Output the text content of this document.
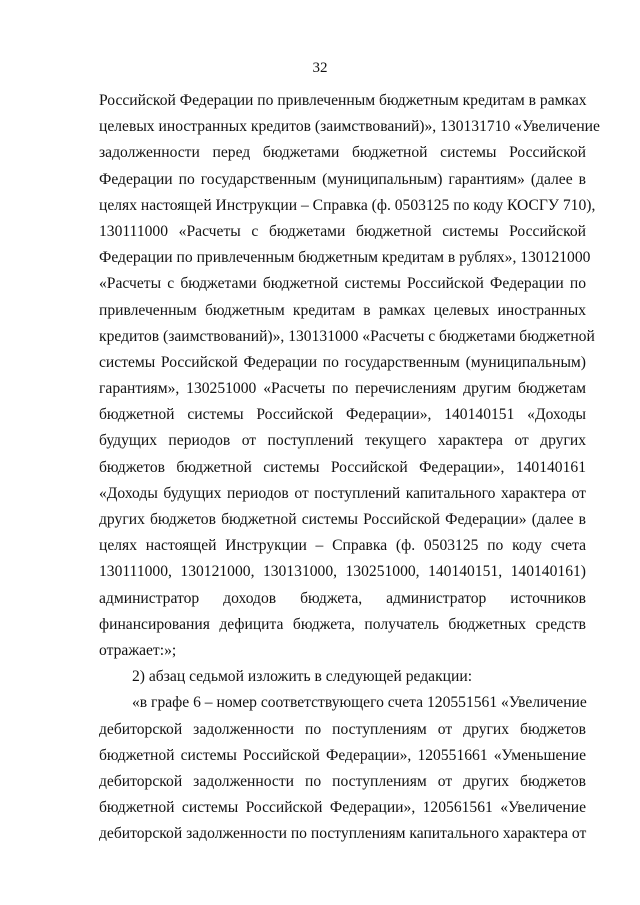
32
Российской Федерации по привлеченным бюджетным кредитам в рамках
целевых иностранных кредитов (заимствований)», 130131710 «Увеличение
задолженности перед бюджетами бюджетной системы Российской
Федерации по государственным (муниципальным) гарантиям» (далее в
целях настоящей Инструкции – Справка (ф. 0503125 по коду КОСГУ 710),
130111000 «Расчеты с бюджетами бюджетной системы Российской
Федерации по привлеченным бюджетным кредитам в рублях», 130121000
«Расчеты с бюджетами бюджетной системы Российской Федерации по
привлеченным бюджетным кредитам в рамках целевых иностранных
кредитов (заимствований)», 130131000 «Расчеты с бюджетами бюджетной
системы Российской Федерации по государственным (муниципальным)
гарантиям», 130251000 «Расчеты по перечислениям другим бюджетам
бюджетной системы Российской Федерации», 140140151 «Доходы
будущих периодов от поступлений текущего характера от других
бюджетов бюджетной системы Российской Федерации», 140140161
«Доходы будущих периодов от поступлений капитального характера от
других бюджетов бюджетной системы Российской Федерации» (далее в
целях настоящей Инструкции – Справка (ф. 0503125 по коду счета
130111000, 130121000, 130131000, 130251000, 140140151, 140140161)
администратор доходов бюджета, администратор источников
финансирования дефицита бюджета, получатель бюджетных средств
отражает:»;
2) абзац седьмой изложить в следующей редакции:
«в графе 6 – номер соответствующего счета 120551561 «Увеличение
дебиторской задолженности по поступлениям от других бюджетов
бюджетной системы Российской Федерации», 120551661 «Уменьшение
дебиторской задолженности по поступлениям от других бюджетов
бюджетной системы Российской Федерации», 120561561 «Увеличение
дебиторской задолженности по поступлениям капитального характера от
